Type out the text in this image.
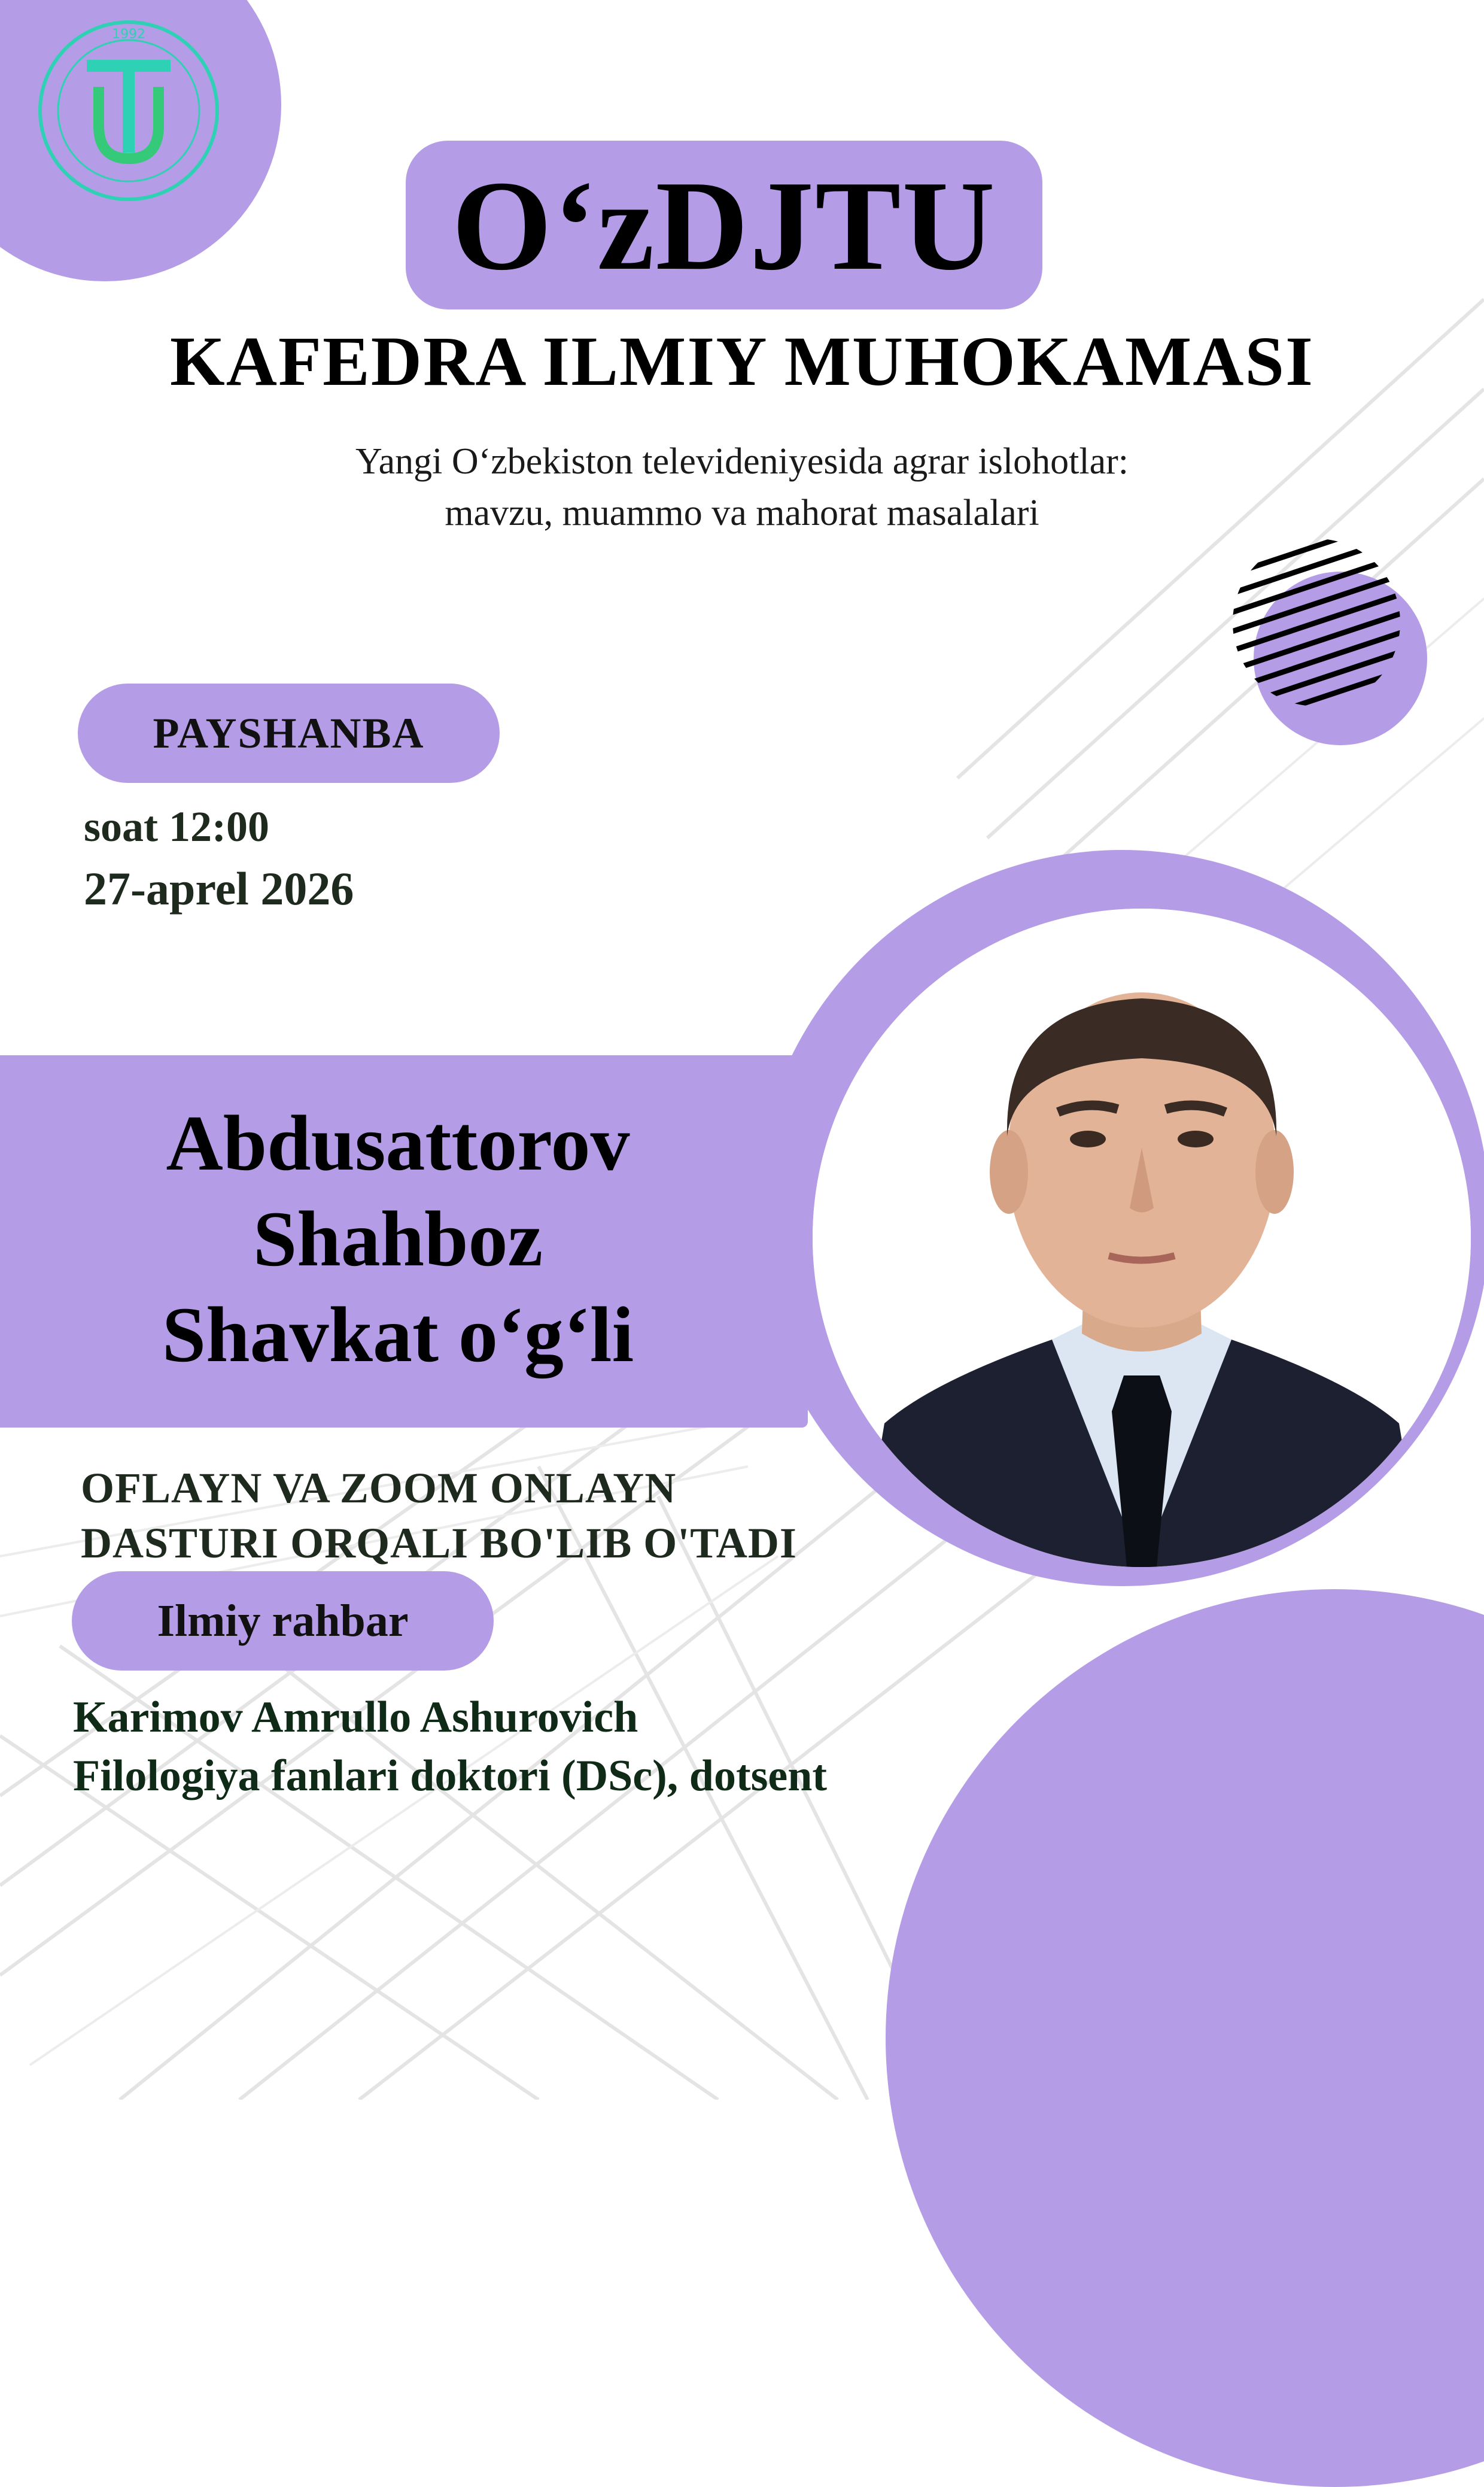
1992
O‘zDJTU
KAFEDRA ILMIY MUHOKAMASI
Yangi O‘zbekiston televideniyesida agrar islohotlar:
mavzu, muammo va mahorat masalalari
PAYSHANBA
soat 12:00
27-aprel 2026
Abdusattorov
Shahboz
Shavkat o‘g‘li
OFLAYN VA ZOOM ONLAYN
DASTURI ORQALI BO'LIB O'TADI
Ilmiy rahbar
Karimov Amrullo Ashurovich
Filologiya fanlari doktori (DSc), dotsent
